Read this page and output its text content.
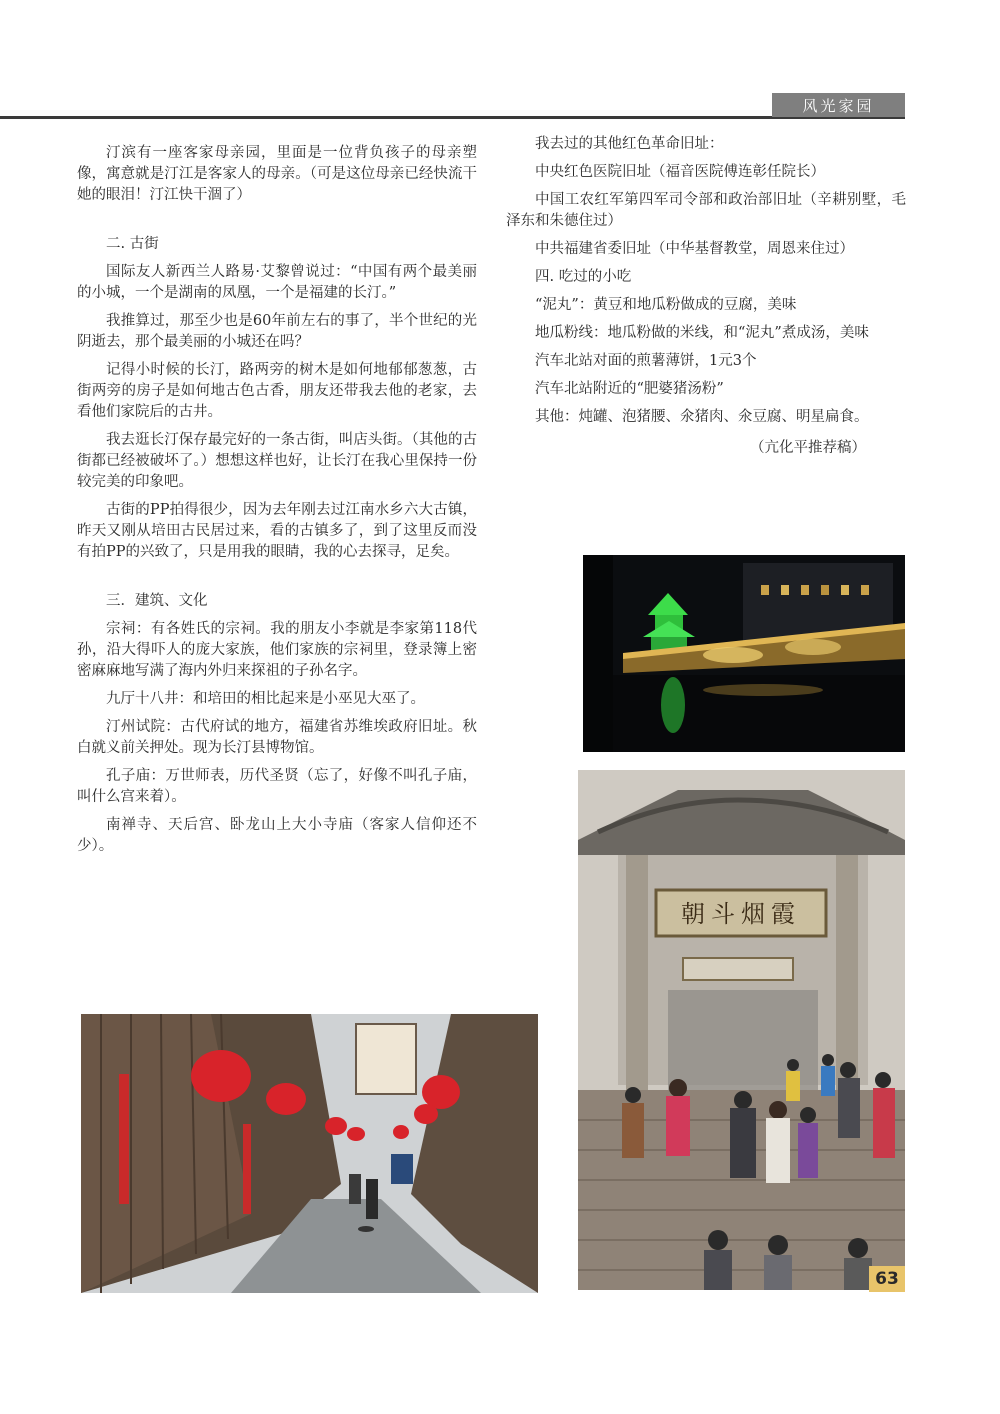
风光家园

汀滨有一座客家母亲园，里面是一位背负孩子的母亲塑像，寓意就是汀江是客家人的母亲。（可是这位母亲已经快流干她的眼泪！汀江快干涸了）

二. 古街

国际友人新西兰人路易·艾黎曾说过：“中国有两个最美丽的小城，一个是湖南的凤凰，一个是福建的长汀。”

我推算过，那至少也是60年前左右的事了，半个世纪的光阴逝去，那个最美丽的小城还在吗？

记得小时候的长汀，路两旁的树木是如何地郁郁葱葱，古街两旁的房子是如何地古色古香，朋友还带我去他的老家，去看他们家院后的古井。

我去逛长汀保存最完好的一条古街，叫店头街。（其他的古街都已经被破坏了。）想想这样也好，让长汀在我心里保持一份较完美的印象吧。

古街的PP拍得很少，因为去年刚去过江南水乡六大古镇，昨天又刚从培田古民居过来，看的古镇多了，到了这里反而没有拍PP的兴致了，只是用我的眼睛，我的心去探寻，足矣。

三．建筑、文化

宗祠：有各姓氏的宗祠。我的朋友小李就是李家第118代孙，沿大得吓人的庞大家族，他们家族的宗祠里，登录簿上密密麻麻地写满了海内外归来探祖的子孙名字。

九厅十八井：和培田的相比起来是小巫见大巫了。

汀州试院：古代府试的地方，福建省苏维埃政府旧址。秋白就义前关押处。现为长汀县博物馆。

孔子庙：万世师表，历代圣贤（忘了，好像不叫孔子庙，叫什么宫来着）。

南禅寺、天后宫、卧龙山上大小寺庙（客家人信仰还不少）。

我去过的其他红色革命旧址：

中央红色医院旧址（福音医院傅连彰任院长）

中国工农红军第四军司令部和政治部旧址（辛耕别墅，毛泽东和朱德住过）

中共福建省委旧址（中华基督教堂，周恩来住过）

四. 吃过的小吃

“泥丸”：黄豆和地瓜粉做成的豆腐，美味

地瓜粉线：地瓜粉做的米线，和“泥丸”煮成汤，美味

汽车北站对面的煎薯薄饼，1元3个

汽车北站附近的“肥婆猪汤粉”

其他：炖罐、泡猪腰、氽猪肉、氽豆腐、明星扁食。

（亢化平推荐稿）

朝斗烟霞
63
